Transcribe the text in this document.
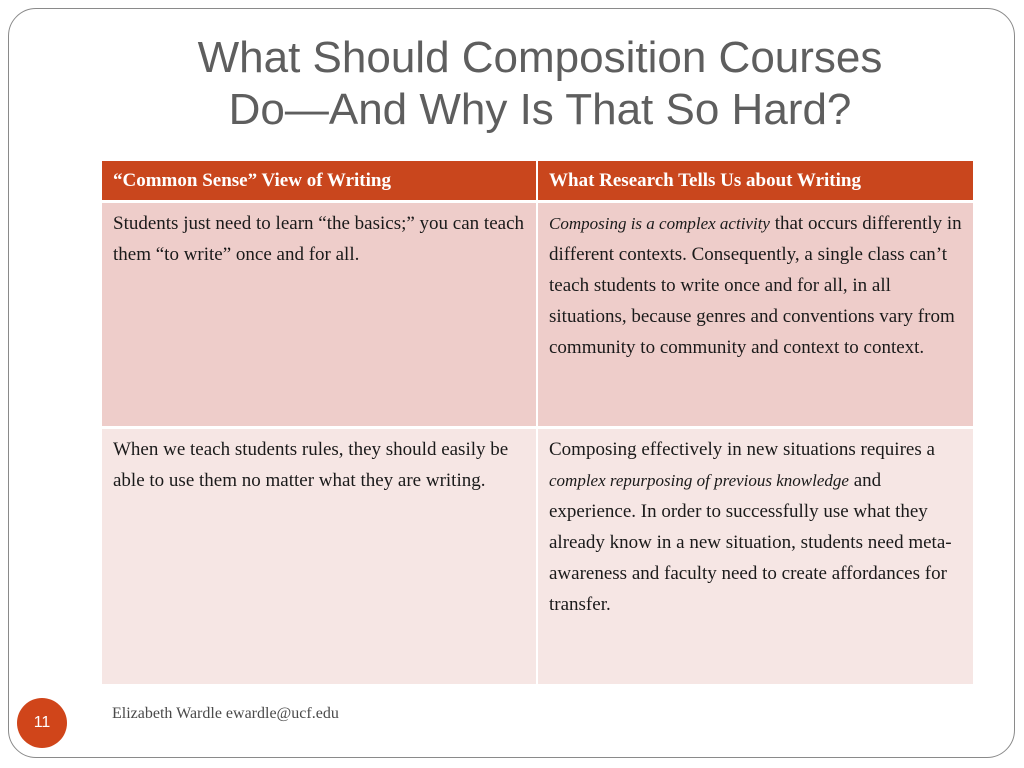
What Should Composition Courses
Do—And Why Is That So Hard?
“Common Sense” View of Writing	What Research Tells Us about Writing
Students just need to learn “the basics;” you can teach them “to write” once and for all.	Composing is a complex activity that occurs differently in different contexts. Consequently, a single class can’t teach students to write once and for all, in all situations, because genres and conventions vary from community to community and context to context.
When we teach students rules, they should easily be able to use them no matter what they are writing.	Composing effectively in new situations requires a complex repurposing of previous knowledge and experience. In order to successfully use what they already know in a new situation, students need meta-awareness and faculty need to create affordances for transfer.
Elizabeth Wardle ewardle@ucf.edu
11
